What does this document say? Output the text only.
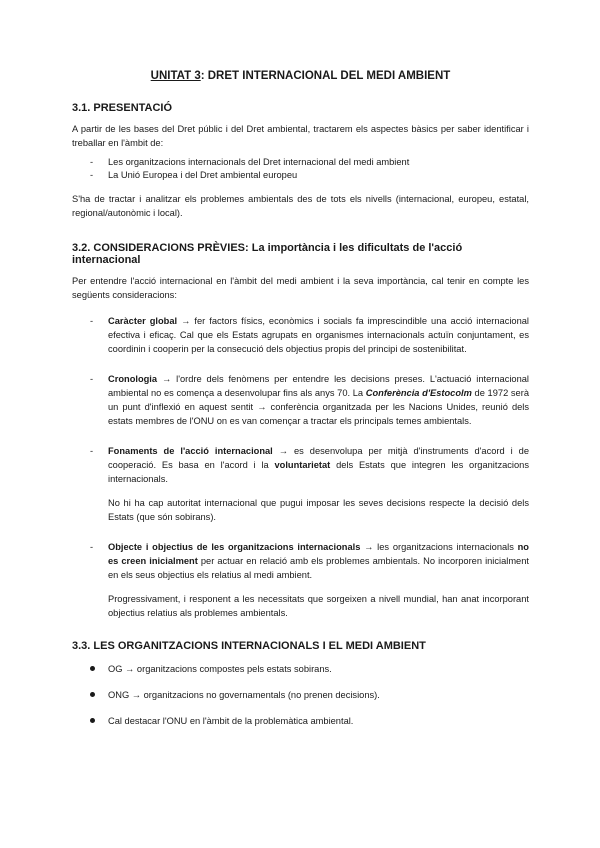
UNITAT 3: DRET INTERNACIONAL DEL MEDI AMBIENT
3.1. PRESENTACIÓ

A partir de les bases del Dret públic i del Dret ambiental, tractarem els aspectes bàsics per saber identificar i treballar en l'àmbit de:

- Les organitzacions internacionals del Dret internacional del medi ambient
- La Unió Europea i del Dret ambiental europeu

S'ha de tractar i analitzar els problemes ambientals des de tots els nivells (internacional, europeu, estatal, regional/autonòmic i local).

3.2. CONSIDERACIONS PRÈVIES: La importància i les dificultats de l'acció internacional

Per entendre l'acció internacional en l'àmbit del medi ambient i la seva importància, cal tenir en compte les següents consideracions:

- Caràcter global → fer factors físics, econòmics i socials fa imprescindible una acció internacional efectiva i eficaç. Cal que els Estats agrupats en organismes internacionals actuïn conjuntament, es coordinin i cooperin per la consecució dels objectius propis del principi de sostenibilitat.

- Cronologia → l'ordre dels fenòmens per entendre les decisions preses. L'actuació internacional ambiental no es comença a desenvolupar fins als anys 70. La Conferència d'Estocolm de 1972 serà un punt d'inflexió en aquest sentit → conferència organitzada per les Nacions Unides, reunió dels estats membres de l'ONU on es van començar a tractar els principals temes ambientals.

- Fonaments de l'acció internacional → es desenvolupa per mitjà d'instruments d'acord i de cooperació. Es basa en l'acord i la voluntarietat dels Estats que integren les organitzacions internacionals.

No hi ha cap autoritat internacional que pugui imposar les seves decisions respecte la decisió dels Estats (que són sobirans).

- Objecte i objectius de les organitzacions internacionals → les organitzacions internacionals no es creen inicialment per actuar en relació amb els problemes ambientals. No incorporen inicialment en els seus objectius els relatius al medi ambient.

Progressivament, i responent a les necessitats que sorgeixen a nivell mundial, han anat incorporant objectius relatius als problemes ambientals.

3.3. LES ORGANITZACIONS INTERNACIONALS I EL MEDI AMBIENT
OG → organitzacions compostes pels estats sobirans.
ONG → organitzacions no governamentals (no prenen decisions).
Cal destacar l'ONU en l'àmbit de la problemàtica ambiental.
